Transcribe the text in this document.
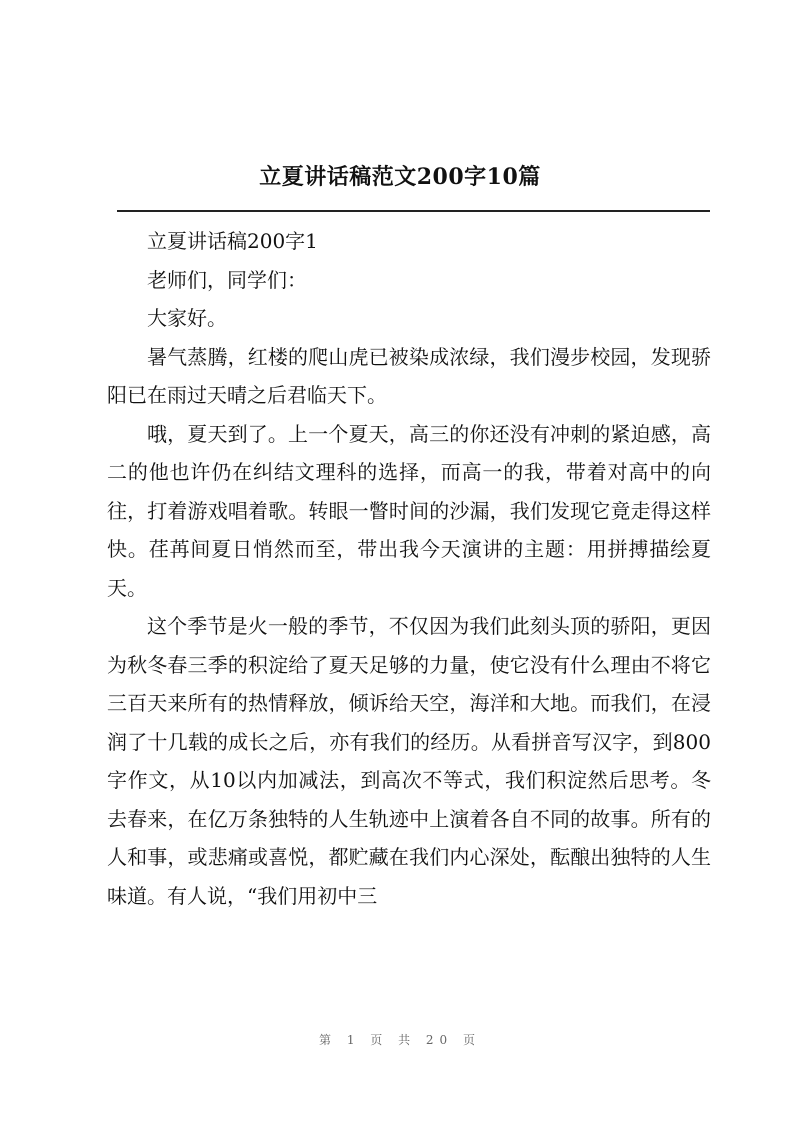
立夏讲话稿范文200字10篇

立夏讲话稿200字1

老师们，同学们：

大家好。

暑气蒸腾，红楼的爬山虎已被染成浓绿，我们漫步校园，发现骄阳已在雨过天晴之后君临天下。

哦，夏天到了。上一个夏天，高三的你还没有冲刺的紧迫感，高二的他也许仍在纠结文理科的选择，而高一的我，带着对高中的向往，打着游戏唱着歌。转眼一瞥时间的沙漏，我们发现它竟走得这样快。荏苒间夏日悄然而至，带出我今天演讲的主题：用拼搏描绘夏天。

这个季节是火一般的季节，不仅因为我们此刻头顶的骄阳，更因为秋冬春三季的积淀给了夏天足够的力量，使它没有什么理由不将它三百天来所有的热情释放，倾诉给天空，海洋和大地。而我们，在浸润了十几载的成长之后，亦有我们的经历。从看拼音写汉字，到800字作文，从10以内加减法，到高次不等式，我们积淀然后思考。冬去春来，在亿万条独特的人生轨迹中上演着各自不同的故事。所有的人和事，或悲痛或喜悦，都贮藏在我们内心深处，酝酿出独特的人生味道。有人说，“我们用初中三

第 1 页 共 20 页
